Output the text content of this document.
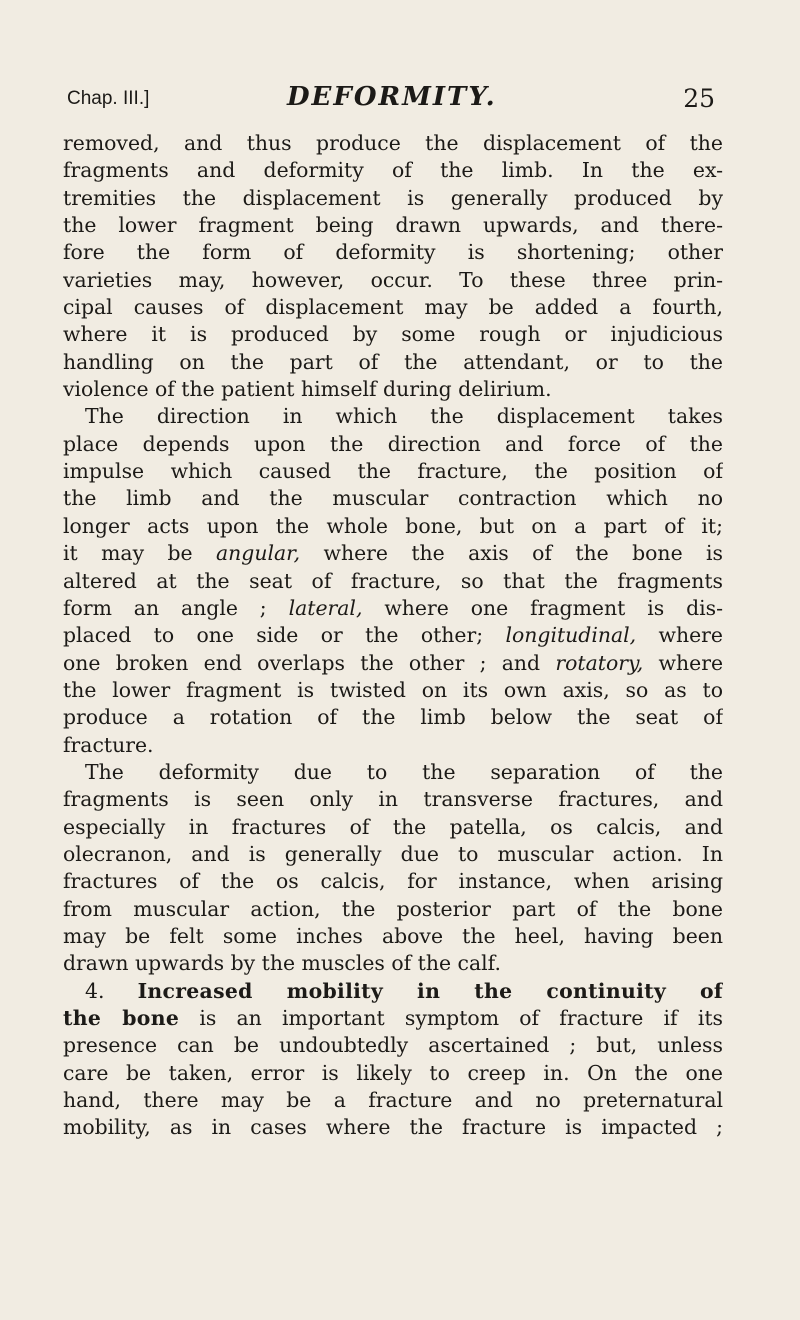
Chap. III.]	DEFORMITY.	25
removed, and thus produce the displacement of the
fragments and deformity of the limb. In the ex-
tremities the displacement is generally produced by
the lower fragment being drawn upwards, and there-
fore the form of deformity is shortening; other
varieties may, however, occur. To these three prin-
cipal causes of displacement may be added a fourth,
where it is produced by some rough or injudicious
handling on the part of the attendant, or to the
violence of the patient himself during delirium.
The direction in which the displacement takes
place depends upon the direction and force of the
impulse which caused the fracture, the position of
the limb and the muscular contraction which no
longer acts upon the whole bone, but on a part of it;
it may be angular, where the axis of the bone is
altered at the seat of fracture, so that the fragments
form an angle ; lateral, where one fragment is dis-
placed to one side or the other; longitudinal, where
one broken end overlaps the other ; and rotatory, where
the lower fragment is twisted on its own axis, so as to
produce a rotation of the limb below the seat of
fracture.
The deformity due to the separation of the
fragments is seen only in transverse fractures, and
especially in fractures of the patella, os calcis, and
olecranon, and is generally due to muscular action. In
fractures of the os calcis, for instance, when arising
from muscular action, the posterior part of the bone
may be felt some inches above the heel, having been
drawn upwards by the muscles of the calf.
4. Increased mobility in the continuity of
the bone is an important symptom of fracture if its
presence can be undoubtedly ascertained ; but, unless
care be taken, error is likely to creep in. On the one
hand, there may be a fracture and no preternatural
mobility, as in cases where the fracture is impacted ;
